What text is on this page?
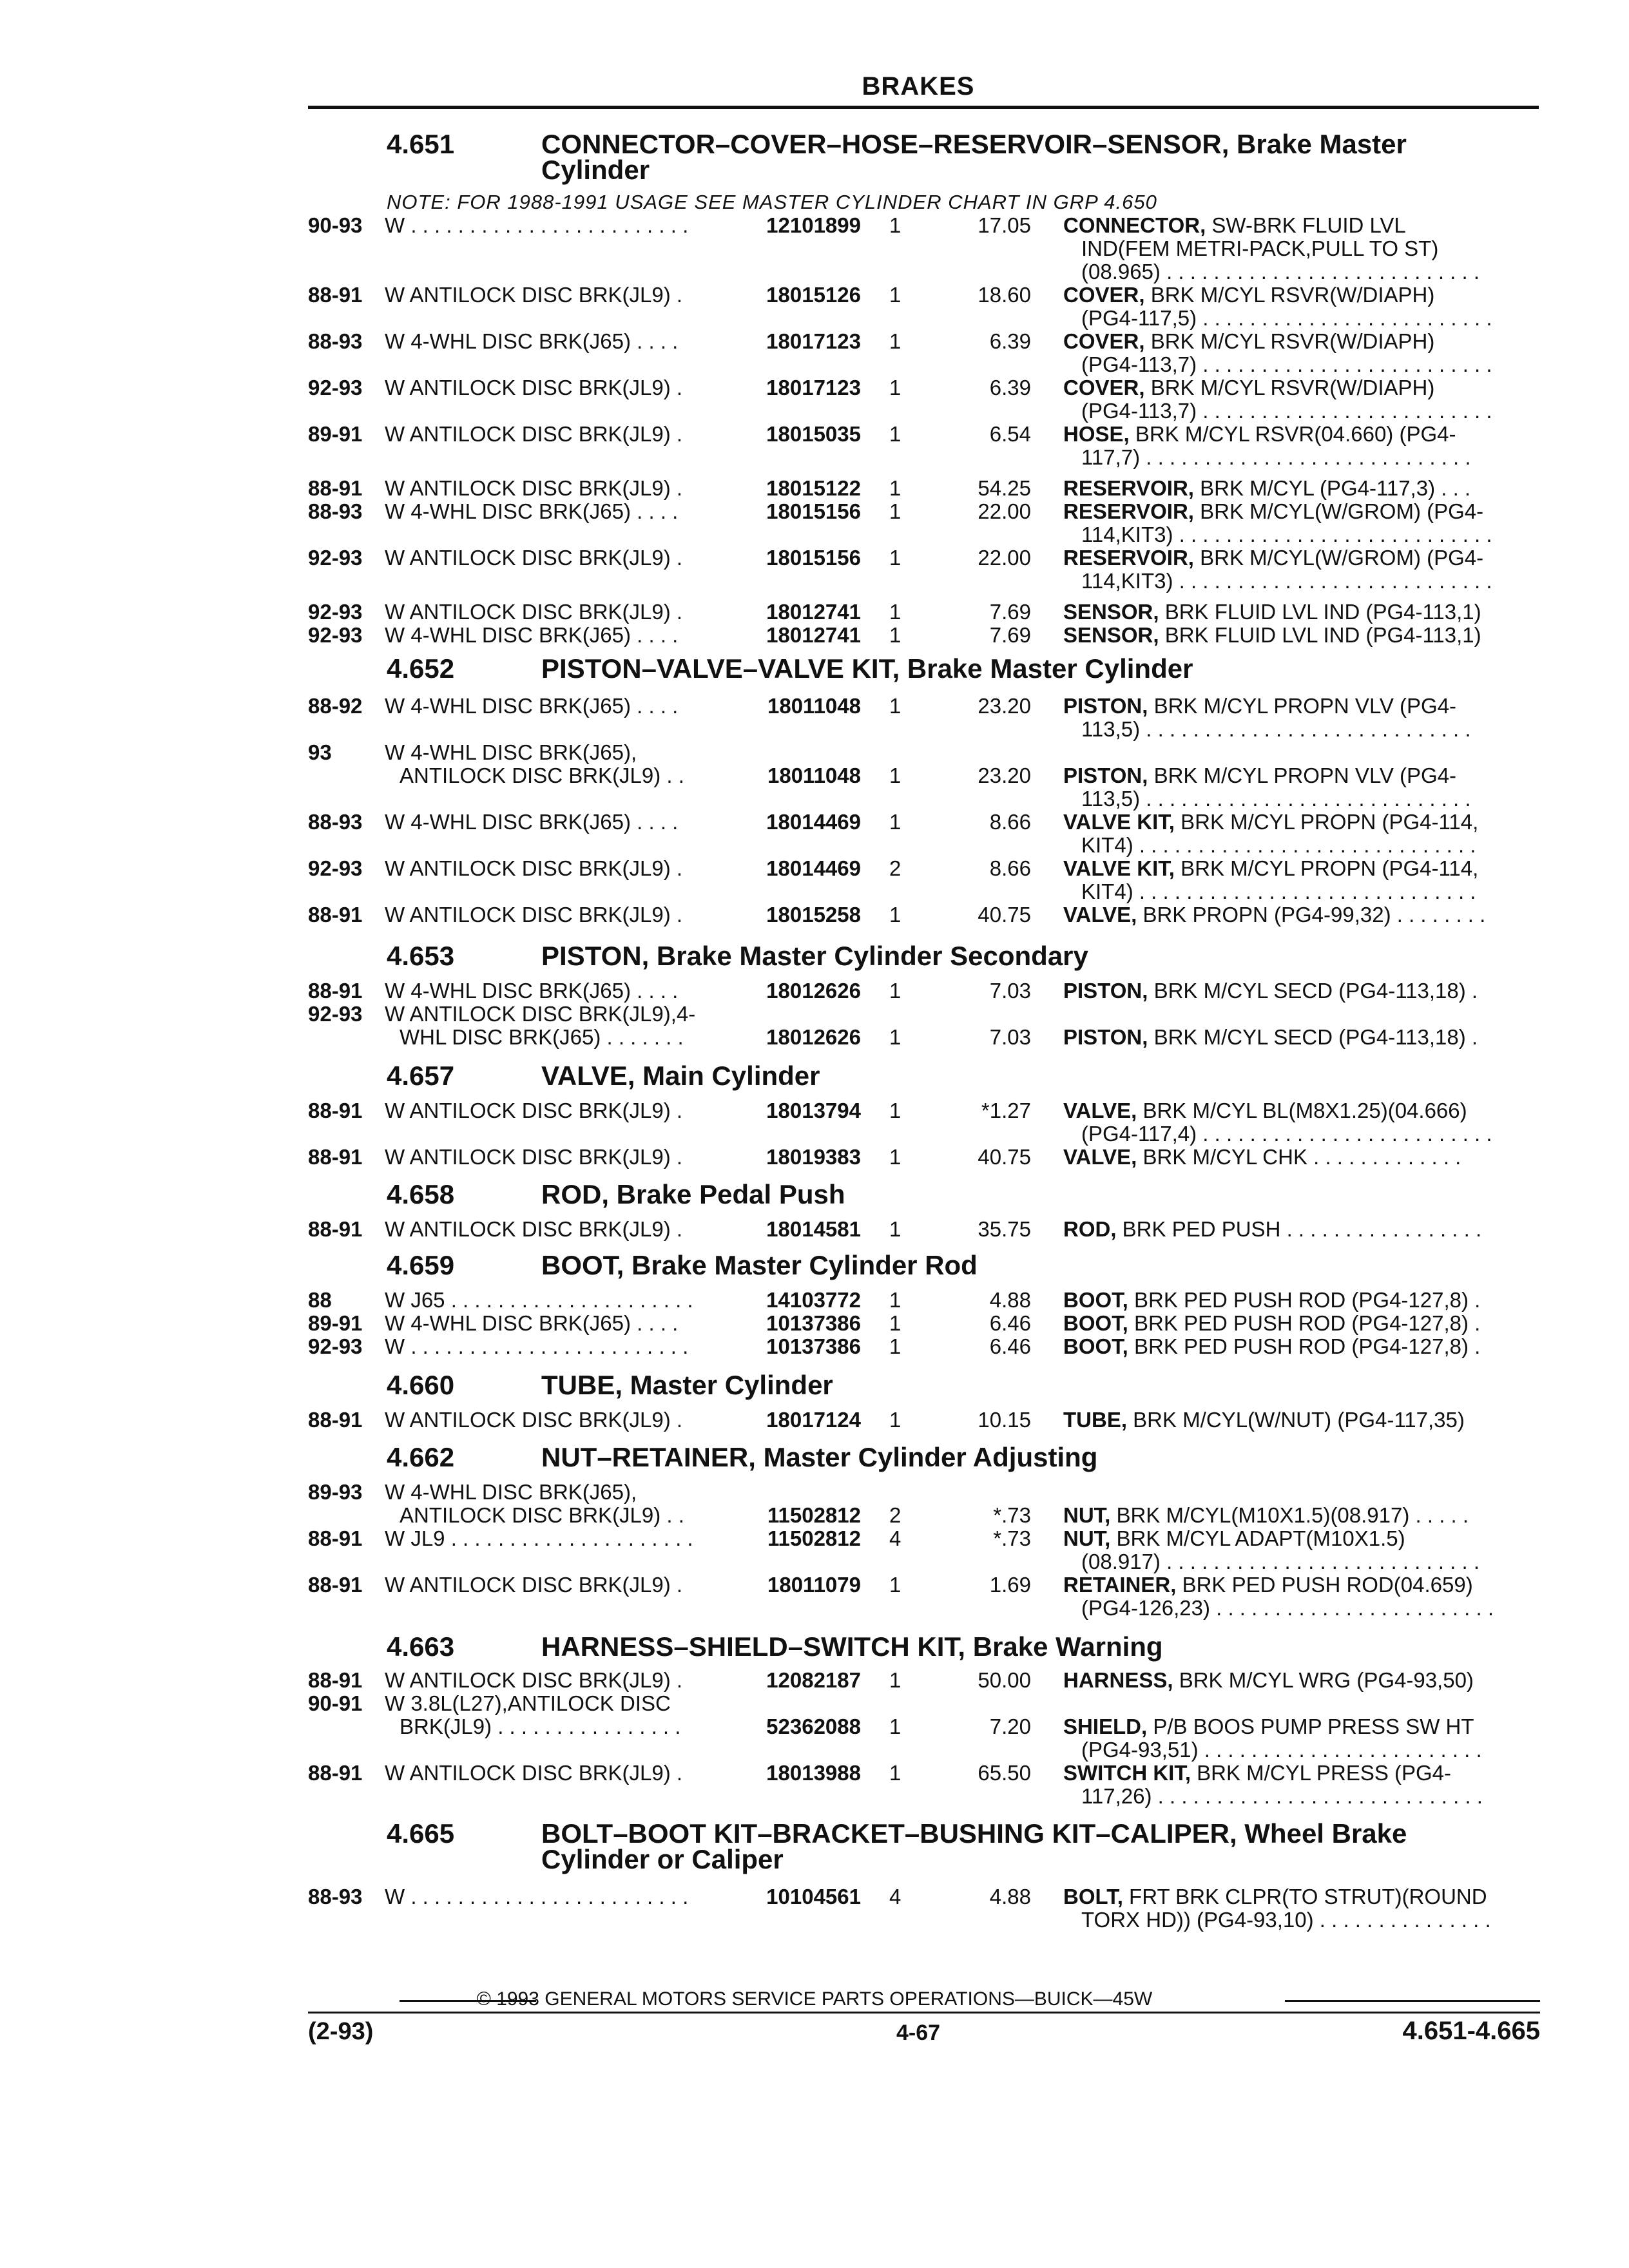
BRAKES
4.651	CONNECTOR–COVER–HOSE–RESERVOIR–SENSOR, Brake Master Cylinder
4.652	PISTON–VALVE–VALVE KIT, Brake Master Cylinder
4.653	PISTON, Brake Master Cylinder Secondary
4.657	VALVE, Main Cylinder
4.658	ROD, Brake Pedal Push
4.659	BOOT, Brake Master Cylinder Rod
4.660	TUBE, Master Cylinder
4.662	NUT–RETAINER, Master Cylinder Adjusting
4.663	HARNESS–SHIELD–SWITCH KIT, Brake Warning
4.665	BOLT–BOOT KIT–BRACKET–BUSHING KIT–CALIPER, Wheel Brake Cylinder or Caliper
NOTE: FOR 1988-1991 USAGE SEE MASTER CYLINDER CHART IN GRP 4.650
90-93 W . . . . . . . . . . . . . . . . . . . . . . . .	12101899 1	17.05 CONNECTOR, SW-BRK FLUID LVL
IND(FEM METRI-PACK,PULL TO ST)
(08.965) . . . . . . . . . . . . . . . . . . . . . . . . . . .
88-91 W ANTILOCK DISC BRK(JL9) .	18015126 1	18.60 COVER, BRK M/CYL RSVR(W/DIAPH)
(PG4-117,5) . . . . . . . . . . . . . . . . . . . . . . . . .
88-93 W 4-WHL DISC BRK(J65) . . . .	18017123 1	6.39 COVER, BRK M/CYL RSVR(W/DIAPH)
(PG4-113,7) . . . . . . . . . . . . . . . . . . . . . . . . .
92-93 W ANTILOCK DISC BRK(JL9) .	18017123 1	6.39 COVER, BRK M/CYL RSVR(W/DIAPH)
(PG4-113,7) . . . . . . . . . . . . . . . . . . . . . . . . .
89-91 W ANTILOCK DISC BRK(JL9) .	18015035 1	6.54 HOSE, BRK M/CYL RSVR(04.660) (PG4-
117,7) . . . . . . . . . . . . . . . . . . . . . . . . . . . .
88-91 W ANTILOCK DISC BRK(JL9) .	18015122 1	54.25 RESERVOIR, BRK M/CYL (PG4-117,3) . . .
88-93 W 4-WHL DISC BRK(J65) . . . .	18015156 1	22.00 RESERVOIR, BRK M/CYL(W/GROM) (PG4-
114,KIT3) . . . . . . . . . . . . . . . . . . . . . . . . . . .
92-93 W ANTILOCK DISC BRK(JL9) .	18015156 1	22.00 RESERVOIR, BRK M/CYL(W/GROM) (PG4-
114,KIT3) . . . . . . . . . . . . . . . . . . . . . . . . . . .
92-93 W ANTILOCK DISC BRK(JL9) .	18012741 1	7.69 SENSOR, BRK FLUID LVL IND (PG4-113,1)
92-93 W 4-WHL DISC BRK(J65) . . . .	18012741 1	7.69 SENSOR, BRK FLUID LVL IND (PG4-113,1)
88-92 W 4-WHL DISC BRK(J65) . . . .	18011048 1	23.20 PISTON, BRK M/CYL PROPN VLV (PG4-
113,5) . . . . . . . . . . . . . . . . . . . . . . . . . . . .
93 W 4-WHL DISC BRK(J65),
ANTILOCK DISC BRK(JL9) . .	18011048 1	23.20 PISTON, BRK M/CYL PROPN VLV (PG4-
113,5) . . . . . . . . . . . . . . . . . . . . . . . . . . . .
88-93 W 4-WHL DISC BRK(J65) . . . .	18014469 1	8.66 VALVE KIT, BRK M/CYL PROPN (PG4-114,
KIT4) . . . . . . . . . . . . . . . . . . . . . . . . . . . . .
92-93 W ANTILOCK DISC BRK(JL9) .	18014469 2	8.66 VALVE KIT, BRK M/CYL PROPN (PG4-114,
KIT4) . . . . . . . . . . . . . . . . . . . . . . . . . . . . .
88-91 W ANTILOCK DISC BRK(JL9) .	18015258 1	40.75 VALVE, BRK PROPN (PG4-99,32) . . . . . . . .
88-91 W 4-WHL DISC BRK(J65) . . . .	18012626 1	7.03 PISTON, BRK M/CYL SECD (PG4-113,18) .
92-93 W ANTILOCK DISC BRK(JL9),4-
WHL DISC BRK(J65) . . . . . . .	18012626 1	7.03 PISTON, BRK M/CYL SECD (PG4-113,18) .
88-91 W ANTILOCK DISC BRK(JL9) .	18013794 1	*1.27 VALVE, BRK M/CYL BL(M8X1.25)(04.666)
(PG4-117,4) . . . . . . . . . . . . . . . . . . . . . . . . .
88-91 W ANTILOCK DISC BRK(JL9) .	18019383 1	40.75 VALVE, BRK M/CYL CHK . . . . . . . . . . . . .
88-91 W ANTILOCK DISC BRK(JL9) .	18014581 1	35.75 ROD, BRK PED PUSH . . . . . . . . . . . . . . . . .
88 W J65 . . . . . . . . . . . . . . . . . . . . .	14103772 1	4.88 BOOT, BRK PED PUSH ROD (PG4-127,8) .
89-91 W 4-WHL DISC BRK(J65) . . . .	10137386 1	6.46 BOOT, BRK PED PUSH ROD (PG4-127,8) .
92-93 W . . . . . . . . . . . . . . . . . . . . . . . .	10137386 1	6.46 BOOT, BRK PED PUSH ROD (PG4-127,8) .
88-91 W ANTILOCK DISC BRK(JL9) .	18017124 1	10.15 TUBE, BRK M/CYL(W/NUT) (PG4-117,35)
89-93 W 4-WHL DISC BRK(J65),
ANTILOCK DISC BRK(JL9) . .	11502812 2	*.73 NUT, BRK M/CYL(M10X1.5)(08.917) . . . . .
88-91 W JL9 . . . . . . . . . . . . . . . . . . . . .	11502812 4	*.73 NUT, BRK M/CYL ADAPT(M10X1.5)
(08.917) . . . . . . . . . . . . . . . . . . . . . . . . . . .
88-91 W ANTILOCK DISC BRK(JL9) .	18011079 1	1.69 RETAINER, BRK PED PUSH ROD(04.659)
(PG4-126,23) . . . . . . . . . . . . . . . . . . . . . . . .
88-91 W ANTILOCK DISC BRK(JL9) .	12082187 1	50.00 HARNESS, BRK M/CYL WRG (PG4-93,50)
90-91 W 3.8L(L27),ANTILOCK DISC
BRK(JL9) . . . . . . . . . . . . . . . .	52362088 1	7.20 SHIELD, P/B BOOS PUMP PRESS SW HT
(PG4-93,51) . . . . . . . . . . . . . . . . . . . . . . . .
88-91 W ANTILOCK DISC BRK(JL9) .	18013988 1	65.50 SWITCH KIT, BRK M/CYL PRESS (PG4-
117,26) . . . . . . . . . . . . . . . . . . . . . . . . . . . .
88-93 W . . . . . . . . . . . . . . . . . . . . . . . .	10104561 4	4.88 BOLT, FRT BRK CLPR(TO STRUT)(ROUND
TORX HD)) (PG4-93,10) . . . . . . . . . . . . . . .
© 1993 GENERAL MOTORS SERVICE PARTS OPERATIONS—BUICK—45W
(2-93)	4-67	4.651-4.665
